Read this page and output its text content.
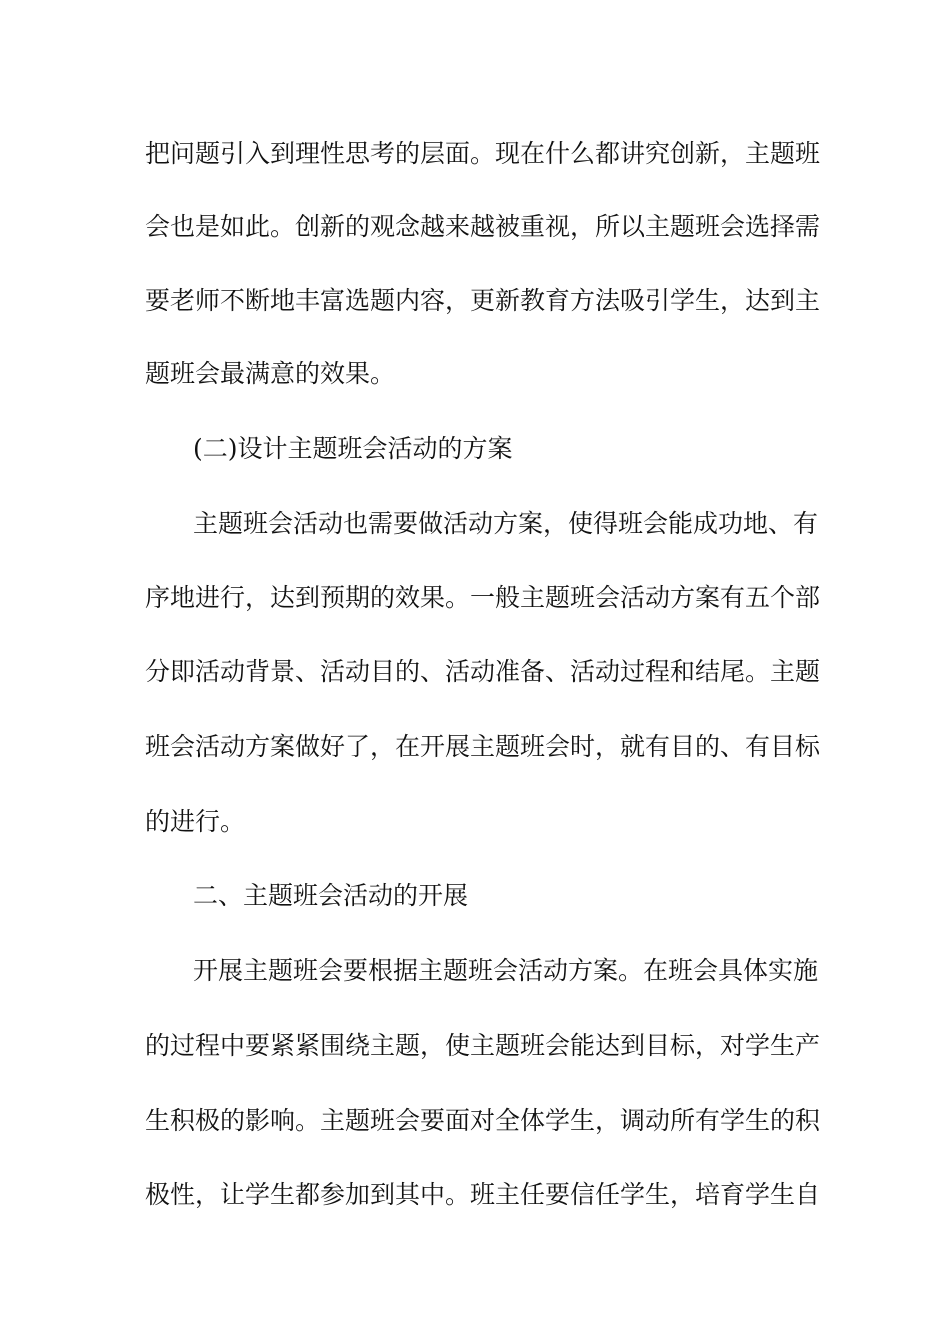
把问题引入到理性思考的层面。现在什么都讲究创新，主题班
会也是如此。创新的观念越来越被重视，所以主题班会选择需
要老师不断地丰富选题内容，更新教育方法吸引学生，达到主
题班会最满意的效果。
(二)设计主题班会活动的方案
主题班会活动也需要做活动方案，使得班会能成功地、有
序地进行，达到预期的效果。一般主题班会活动方案有五个部
分即活动背景、活动目的、活动准备、活动过程和结尾。主题
班会活动方案做好了，在开展主题班会时，就有目的、有目标
的进行。
二、主题班会活动的开展
开展主题班会要根据主题班会活动方案。在班会具体实施
的过程中要紧紧围绕主题，使主题班会能达到目标，对学生产
生积极的影响。主题班会要面对全体学生，调动所有学生的积
极性，让学生都参加到其中。班主任要信任学生，培育学生自
